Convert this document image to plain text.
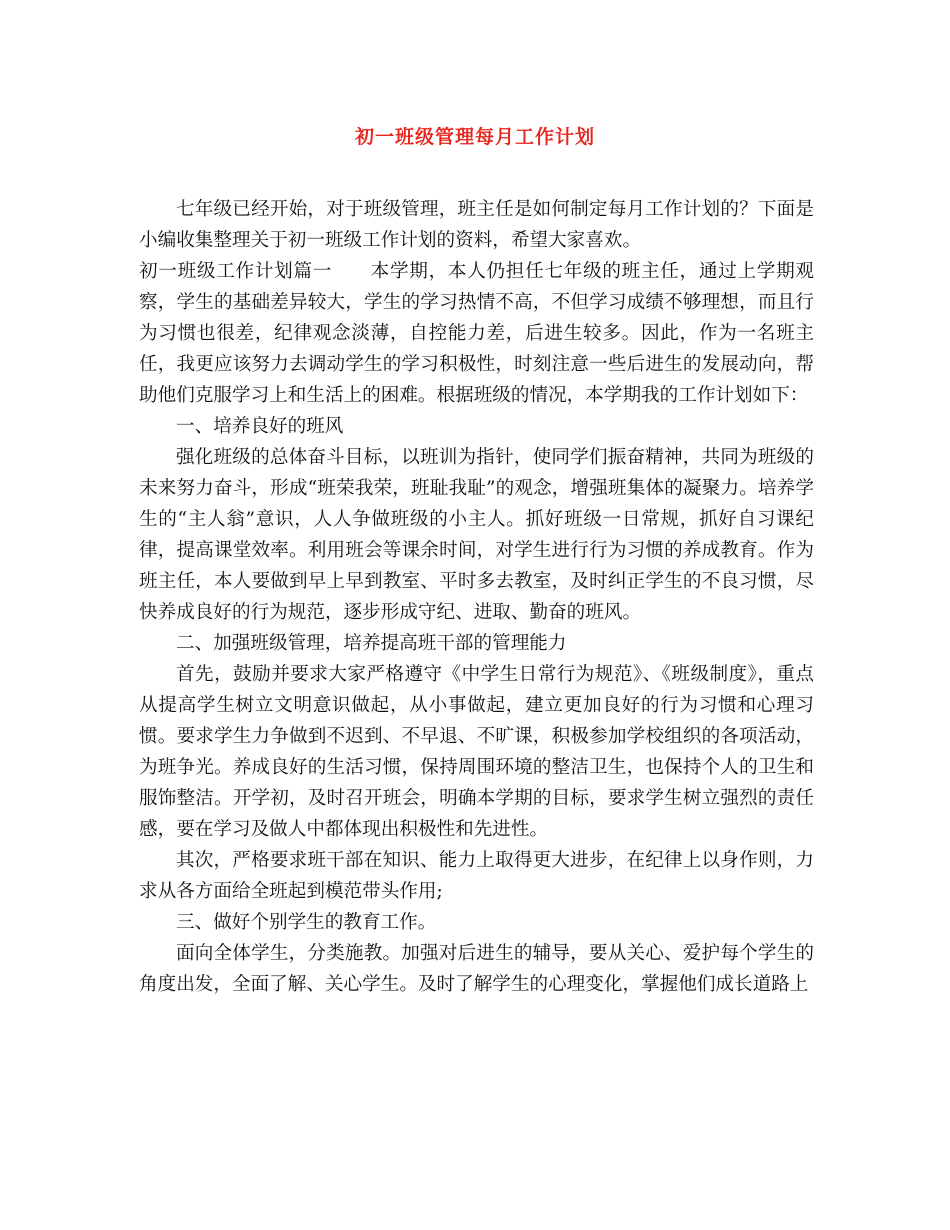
初一班级管理每月工作计划

七年级已经开始，对于班级管理，班主任是如何制定每月工作计划的？下面是小编收集整理关于初一班级工作计划的资料，希望大家喜欢。

初一班级工作计划篇一　　本学期，本人仍担任七年级的班主任，通过上学期观察，学生的基础差异较大，学生的学习热情不高，不但学习成绩不够理想，而且行为习惯也很差，纪律观念淡薄，自控能力差，后进生较多。因此，作为一名班主任，我更应该努力去调动学生的学习积极性，时刻注意一些后进生的发展动向，帮助他们克服学习上和生活上的困难。根据班级的情况，本学期我的工作计划如下：

一、培养良好的班风

强化班级的总体奋斗目标，以班训为指针，使同学们振奋精神，共同为班级的未来努力奋斗，形成“班荣我荣，班耻我耻”的观念，增强班集体的凝聚力。培养学生的“主人翁”意识，人人争做班级的小主人。抓好班级一日常规，抓好自习课纪律，提高课堂效率。利用班会等课余时间，对学生进行行为习惯的养成教育。作为班主任，本人要做到早上早到教室、平时多去教室，及时纠正学生的不良习惯，尽快养成良好的行为规范，逐步形成守纪、进取、勤奋的班风。

二、加强班级管理，培养提高班干部的管理能力

首先，鼓励并要求大家严格遵守《中学生日常行为规范》、《班级制度》，重点从提高学生树立文明意识做起，从小事做起，建立更加良好的行为习惯和心理习惯。要求学生力争做到不迟到、不早退、不旷课，积极参加学校组织的各项活动，为班争光。养成良好的生活习惯，保持周围环境的整洁卫生，也保持个人的卫生和服饰整洁。开学初，及时召开班会，明确本学期的目标，要求学生树立强烈的责任感，要在学习及做人中都体现出积极性和先进性。

其次，严格要求班干部在知识、能力上取得更大进步，在纪律上以身作则，力求从各方面给全班起到模范带头作用;

三、做好个别学生的教育工作。

面向全体学生，分类施教。加强对后进生的辅导，要从关心、爱护每个学生的角度出发，全面了解、关心学生。及时了解学生的心理变化，掌握他们成长道路上
